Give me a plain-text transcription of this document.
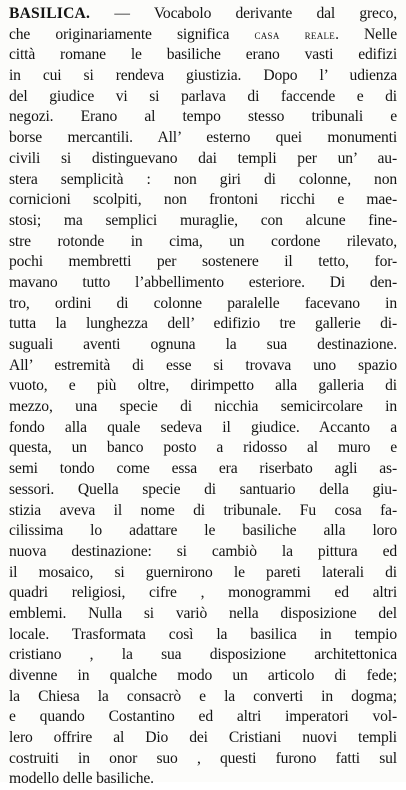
BASILICA. — Vocabolo derivante dal greco,
che originariamente significa casa reale. Nelle
città romane le basiliche erano vasti edifizi
in cui si rendeva giustizia. Dopo l’ udienza
del giudice vi si parlava di faccende e di
negozi. Erano al tempo stesso tribunali e
borse mercantili. All’ esterno quei monumenti
civili si distinguevano dai templi per un’ au-
stera semplicità : non giri di colonne, non
cornicioni scolpiti, non frontoni ricchi e mae-
stosi; ma semplici muraglie, con alcune fine-
stre rotonde in cima, un cordone rilevato,
pochi membretti per sostenere il tetto, for-
mavano tutto l’abbellimento esteriore. Di den-
tro, ordini di colonne paralelle facevano in
tutta la lunghezza dell’ edifizio tre gallerie di-
suguali aventi ognuna la sua destinazione.
All’ estremità di esse si trovava uno spazio
vuoto, e più oltre, dirimpetto alla galleria di
mezzo, una specie di nicchia semicircolare in
fondo alla quale sedeva il giudice. Accanto a
questa, un banco posto a ridosso al muro e
semi tondo come essa era riserbato agli as-
sessori. Quella specie di santuario della giu-
stizia aveva il nome di tribunale. Fu cosa fa-
cilissima lo adattare le basiliche alla loro
nuova destinazione: si cambiò la pittura ed
il mosaico, si guernirono le pareti laterali di
quadri religiosi, cifre , monogrammi ed altri
emblemi. Nulla si variò nella disposizione del
locale. Trasformata così la basilica in tempio
cristiano , la sua disposizione architettonica
divenne in qualche modo un articolo di fede;
la Chiesa la consacrò e la converti in dogma;
e quando Costantino ed altri imperatori vol-
lero offrire al Dio dei Cristiani nuovi templi
costruiti in onor suo , questi furono fatti sul
modello delle basiliche.
